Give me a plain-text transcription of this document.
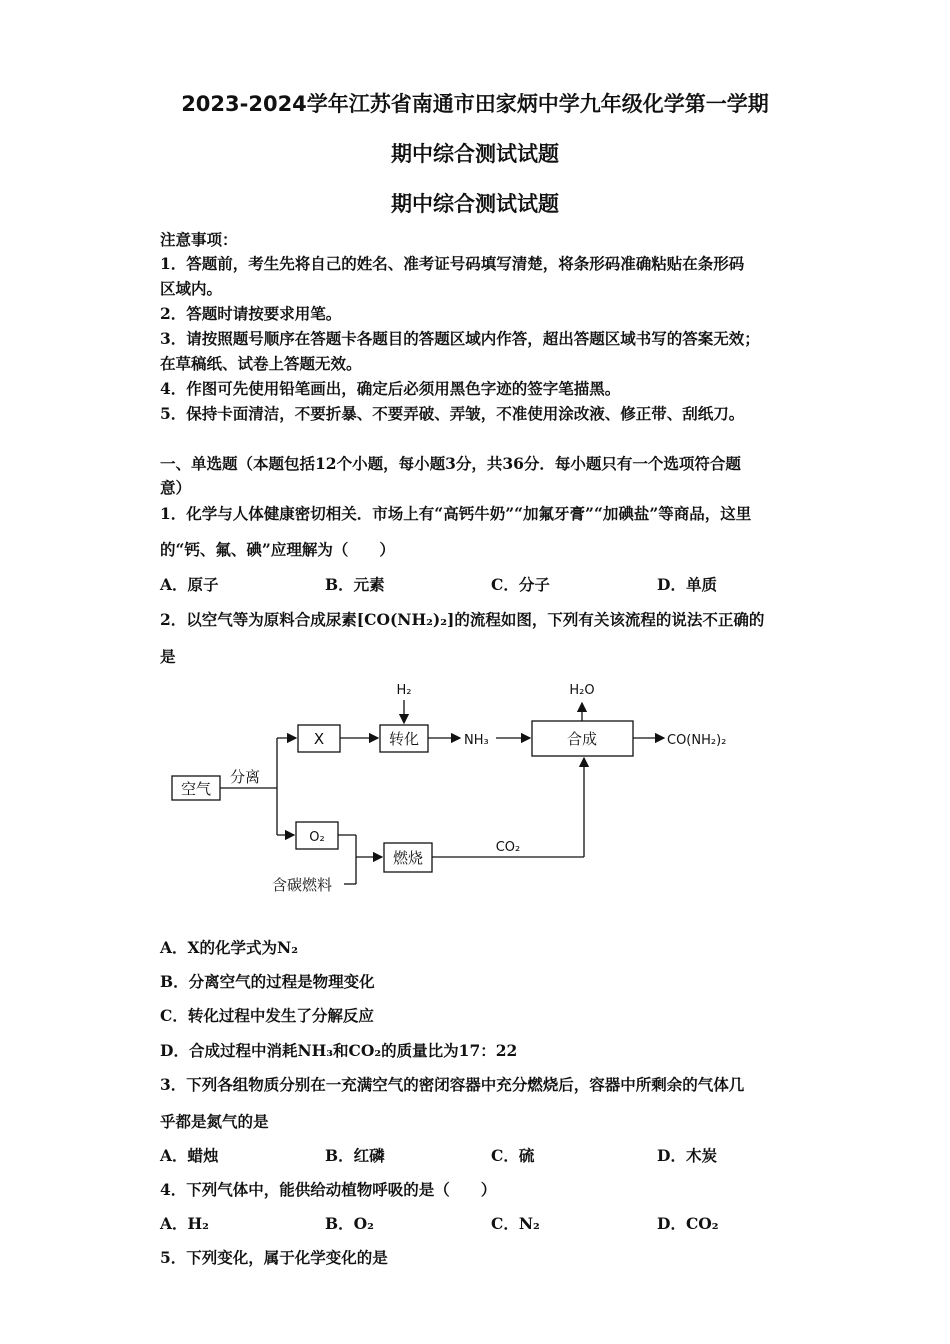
2023-2024学年江苏省南通市田家炳中学九年级化学第一学期
期中综合测试试题
期中综合测试试题
注意事项：
1．答题前，考生先将自己的姓名、准考证号码填写清楚，将条形码准确粘贴在条形码
区域内。
2．答题时请按要求用笔。
3．请按照题号顺序在答题卡各题目的答题区域内作答，超出答题区域书写的答案无效；
在草稿纸、试卷上答题无效。
4．作图可先使用铅笔画出，确定后必须用黑色字迹的签字笔描黑。
5．保持卡面清洁，不要折暴、不要弄破、弄皱，不准使用涂改液、修正带、刮纸刀。
一、单选题（本题包括12个小题，每小题3分，共36分．每小题只有一个选项符合题
意）
1．化学与人体健康密切相关．市场上有“高钙牛奶”“加氟牙膏”“加碘盐”等商品，这里
的“钙、氟、碘”应理解为（　　）
A．原子	B．元素	C．分子	D．单质
2．以空气等为原料合成尿素[CO(NH₂)₂]的流程如图，下列有关该流程的说法不正确的
是
空气
分离
X	转化
H₂
NH₃
H₂O
合成	CO(NH₂)₂
O₂
燃烧
CO₂
含碳燃料
A．X的化学式为N₂
B．分离空气的过程是物理变化
C．转化过程中发生了分解反应
D．合成过程中消耗NH₃和CO₂的质量比为17：22
3．下列各组物质分别在一充满空气的密闭容器中充分燃烧后，容器中所剩余的气体几
乎都是氮气的是
A．蜡烛	B．红磷	C．硫	D．木炭
4．下列气体中，能供给动植物呼吸的是（　　）
A．H₂	B．O₂	C．N₂	D．CO₂
5．下列变化，属于化学变化的是
